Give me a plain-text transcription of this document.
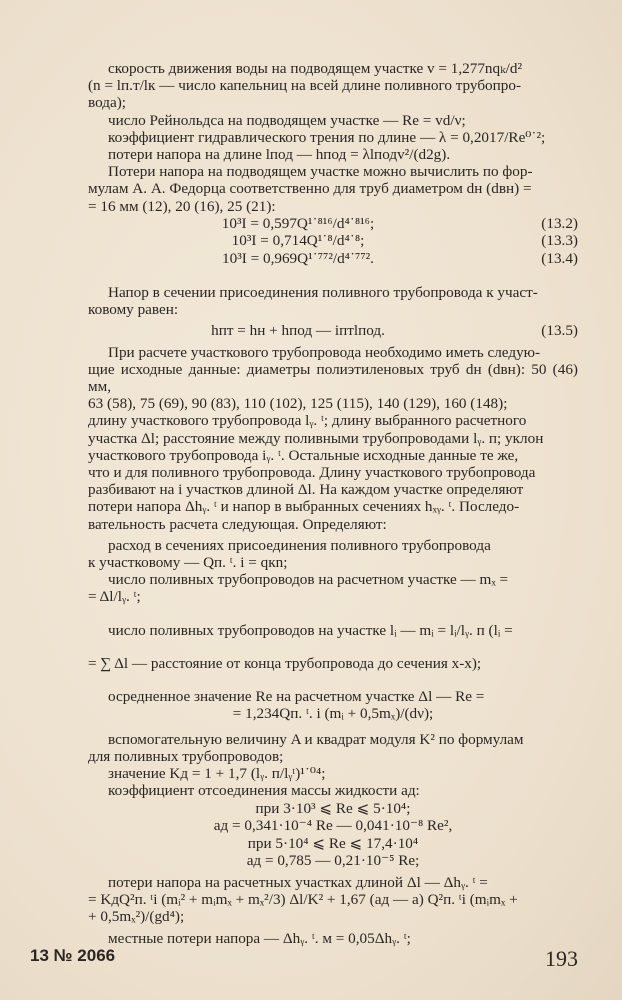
скорость движения воды на подводящем участке v = 1,277nqₖ/d²

(n = lп.т/lк — число капельниц на всей длине поливного трубопро-

вода);

число Рейнольдса на подводящем участке — Re = vd/ν;

коэффициент гидравлического трения по длине — λ = 0,2017/Re⁰˙²;

потери напора на длине lпод — hпод = λlподv²/(d2g).

Потери напора на подводящем участке можно вычислить по фор-

мулам А. А. Федорца соответственно для труб диаметром dн (dвн) =

= 16 мм (12), 20 (16), 25 (21):

10³I = 0,597Q¹˙⁸¹⁶/d⁴˙⁸¹⁶;	(13.2)
10³I = 0,714Q¹˙⁸/d⁴˙⁸;	(13.3)
10³I = 0,969Q¹˙⁷⁷²/d⁴˙⁷⁷².	(13.4)

Напор в сечении присоединения поливного трубопровода к участ-

ковому равен:

hпт = hн + hпод — iптlпод.	(13.5)

При расчете участкового трубопровода необходимо иметь следую-

щие исходные данные: диаметры полиэтиленовых труб dн (dвн): 50 (46) мм,

63 (58), 75 (69), 90 (83), 110 (102), 125 (115), 140 (129), 160 (148);

длину участкового трубопровода lᵧ. ᵗ; длину выбранного расчетного

участка Δl; расстояние между поливными трубопроводами lᵧ. п; уклон

участкового трубопровода iᵧ. ᵗ. Остальные исходные данные те же,

что и для поливного трубопровода. Длину участкового трубопровода

разбивают на i участков длиной Δl. На каждом участке определяют

потери напора Δhᵧ. ᵗ и напор в выбранных сечениях hₓᵧ. ᵗ. Последо-

вательность расчета следующая. Определяют:

расход в сечениях присоединения поливного трубопровода

к участковому — Qп. ᵗ. i = qкn;

число поливных трубопроводов на расчетном участке — mₓ =

= Δl/lᵧ. ᵗ;

число поливных трубопроводов на участке lᵢ — mᵢ = lᵢ/lᵧ. п (lᵢ =

= ∑ Δl — расстояние от конца трубопровода до сечения x-x);

осредненное значение Re на расчетном участке Δl — Re =

= 1,234Qп. ᵗ. i (mᵢ + 0,5mₓ)/(dν);

вспомогательную величину A и квадрат модуля K² по формулам

для поливных трубопроводов;

значение Kд = 1 + 1,7 (lᵧ. п/lᵧᵗ)¹˙⁰⁴;

коэффициент отсоединения массы жидкости aд:

при 3·10³ ⩽ Re ⩽ 5·10⁴;

aд = 0,341·10⁻⁴ Re — 0,041·10⁻⁸ Re²,

при 5·10⁴ ⩽ Re ⩽ 17,4·10⁴

aд = 0,785 — 0,21·10⁻⁵ Re;

потери напора на расчетных участках длиной Δl — Δhᵧ. ᵗ =

= KдQ²п. ᵗi (mᵢ² + mᵢmₓ + mₓ²/3) Δl/K² + 1,67 (aд — a) Q²п. ᵗi (mᵢmₓ +

+ 0,5mₓ²)/(gd⁴);

местные потери напора — Δhᵧ. ᵗ. м = 0,05Δhᵧ. ᵗ;

13 № 2066	193
